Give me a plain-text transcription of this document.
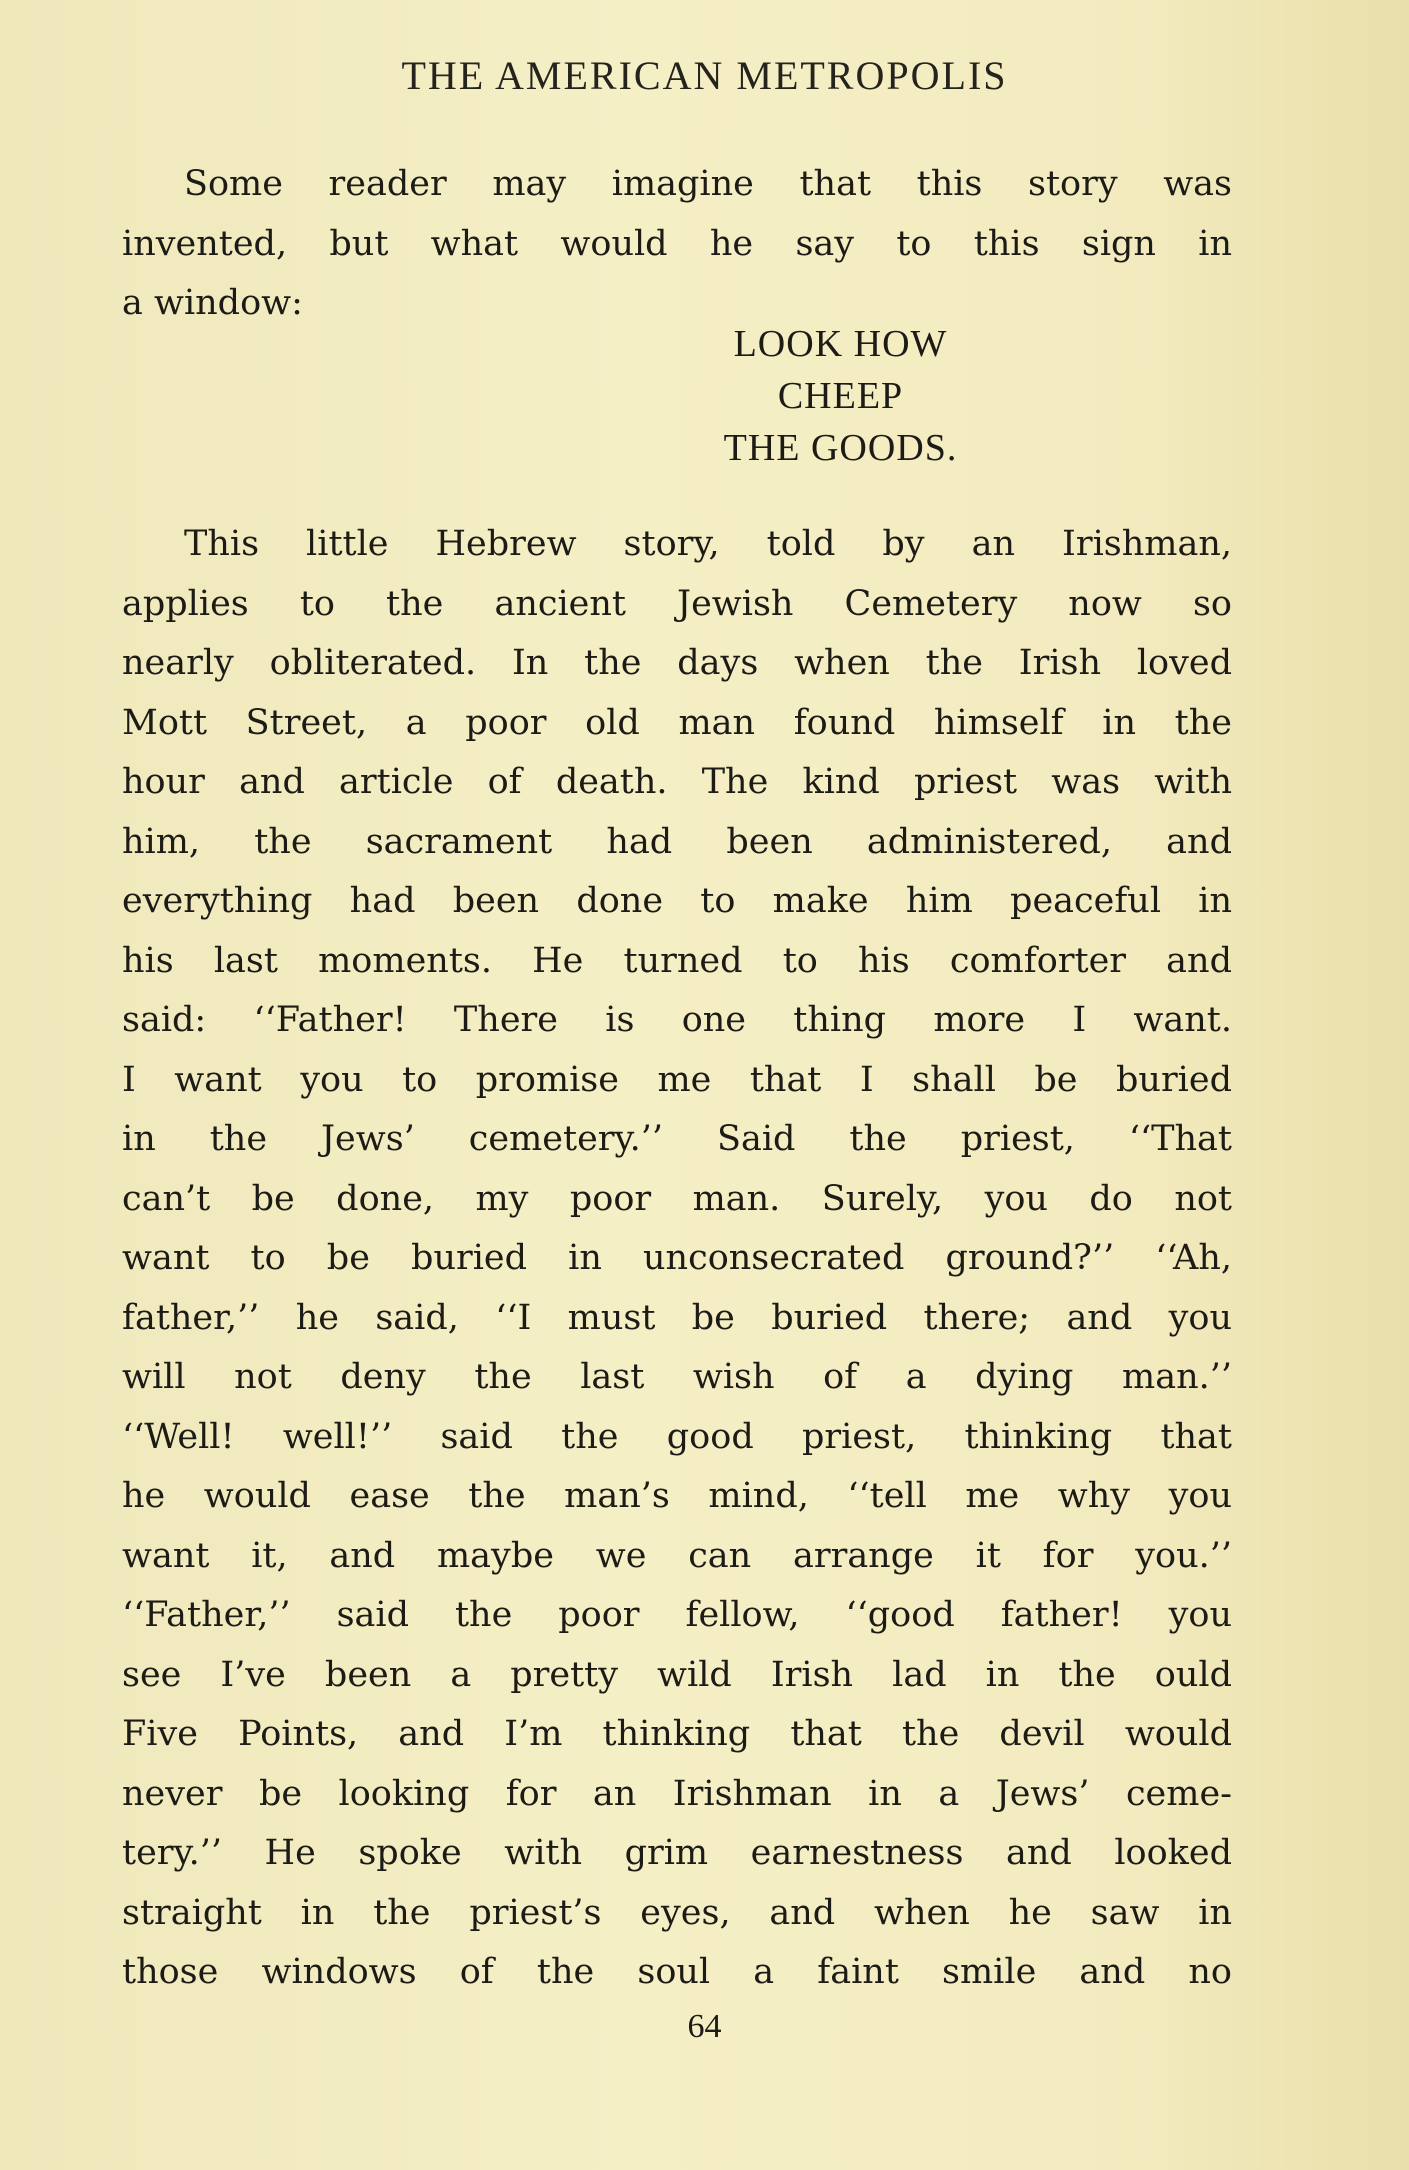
THE AMERICAN METROPOLIS
Some reader may imagine that this story was
invented, but what would he say to this sign in
a window:
LOOK HOW
CHEEP
THE GOODS.
This little Hebrew story, told by an Irishman,
applies to the ancient Jewish Cemetery now so
nearly obliterated. In the days when the Irish loved
Mott Street, a poor old man found himself in the
hour and article of death. The kind priest was with
him, the sacrament had been administered, and
everything had been done to make him peaceful in
his last moments. He turned to his comforter and
said: ‘‘Father! There is one thing more I want.
I want you to promise me that I shall be buried
in the Jews’ cemetery.’’ Said the priest, ‘‘That
can’t be done, my poor man. Surely, you do not
want to be buried in unconsecrated ground?’’ ‘‘Ah,
father,’’ he said, ‘‘I must be buried there; and you
will not deny the last wish of a dying man.’’
‘‘Well! well!’’ said the good priest, thinking that
he would ease the man’s mind, ‘‘tell me why you
want it, and maybe we can arrange it for you.’’
‘‘Father,’’ said the poor fellow, ‘‘good father! you
see I’ve been a pretty wild Irish lad in the ould
Five Points, and I’m thinking that the devil would
never be looking for an Irishman in a Jews’ ceme-
tery.’’ He spoke with grim earnestness and looked
straight in the priest’s eyes, and when he saw in
those windows of the soul a faint smile and no
64
